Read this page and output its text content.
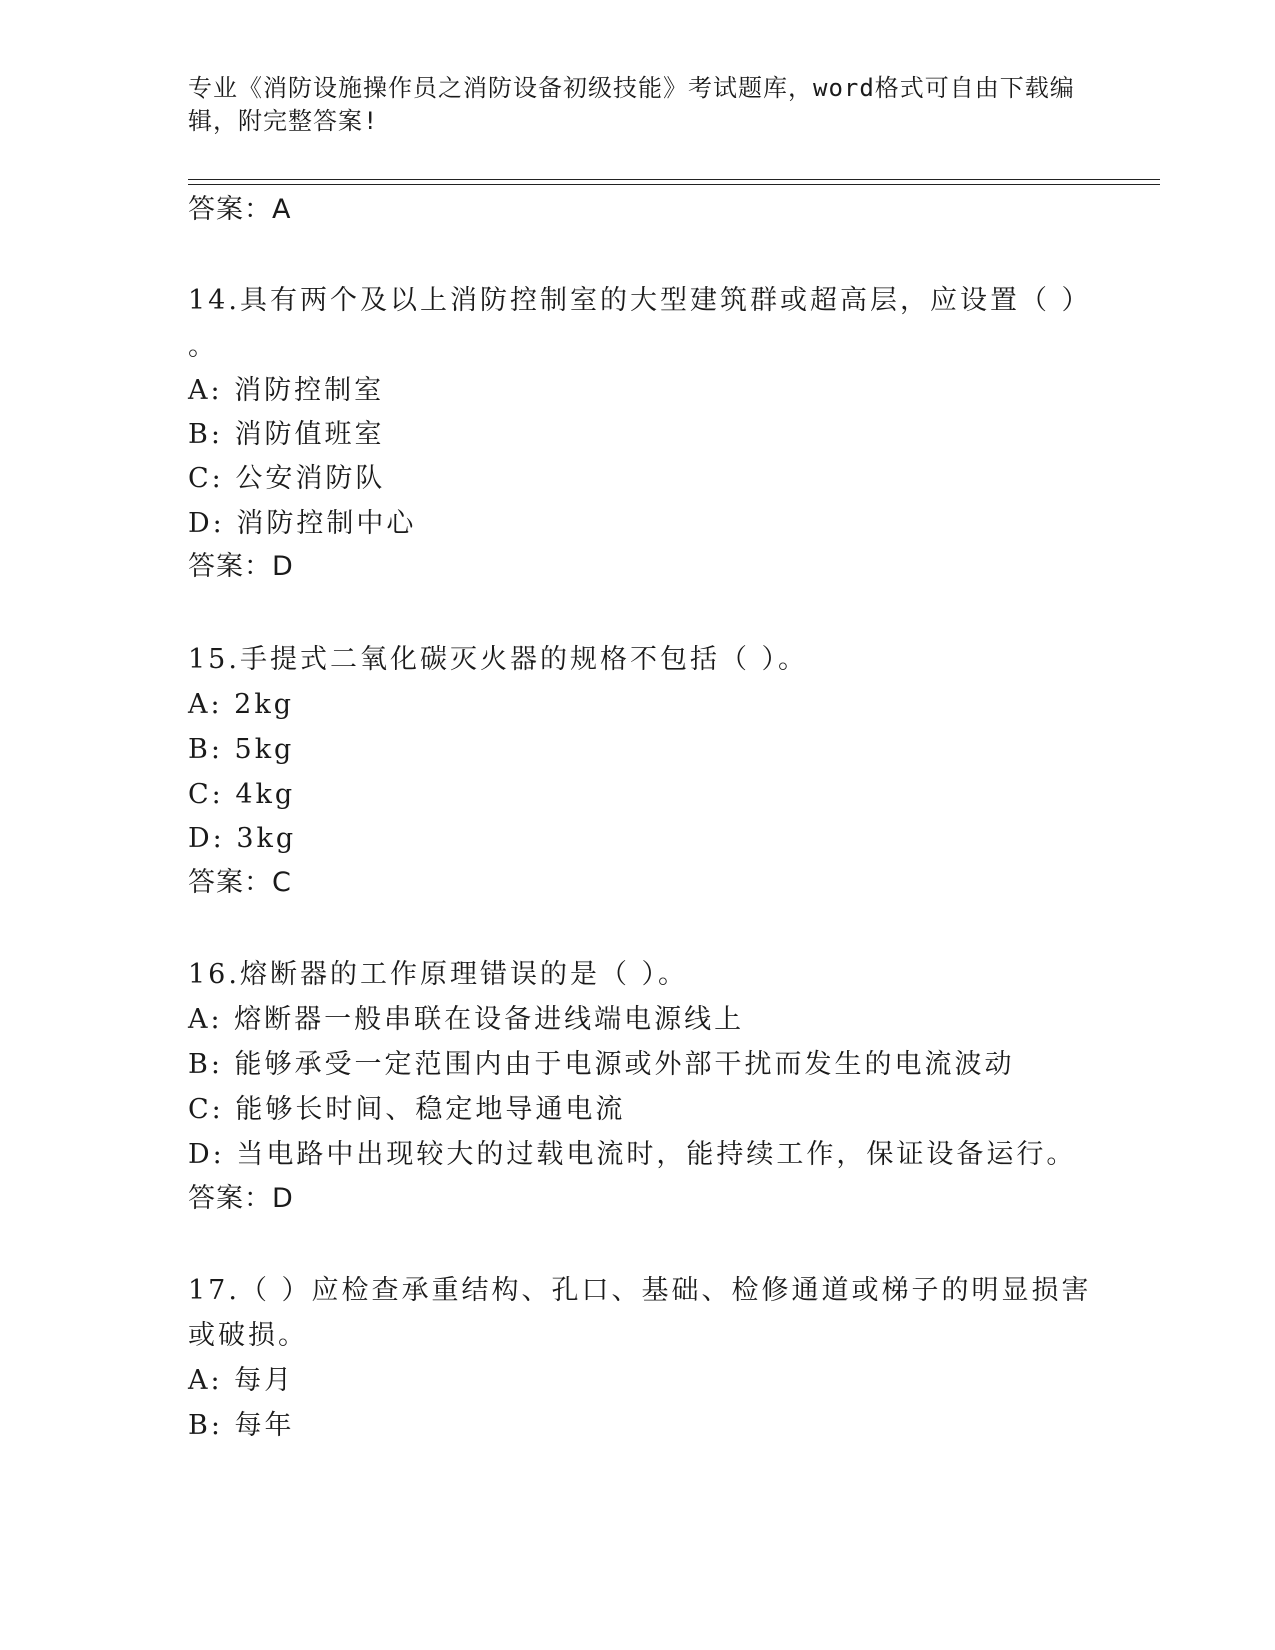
专业《消防设施操作员之消防设备初级技能》考试题库，word格式可自由下载编
辑，附完整答案!
答案：A
14.具有两个及以上消防控制室的大型建筑群或超高层，应设置（ ）
。
A: 消防控制室
B: 消防值班室
C: 公安消防队
D: 消防控制中心
答案：D
15.手提式二氧化碳灭火器的规格不包括（ ）。
A: 2kg
B: 5kg
C: 4kg
D: 3kg
答案：C
16.熔断器的工作原理错误的是（ ）。
A: 熔断器一般串联在设备进线端电源线上
B: 能够承受一定范围内由于电源或外部干扰而发生的电流波动
C: 能够长时间、稳定地导通电流
D: 当电路中出现较大的过载电流时，能持续工作，保证设备运行。
答案：D
17.（ ）应检查承重结构、孔口、基础、检修通道或梯子的明显损害
或破损。
A: 每月
B: 每年
